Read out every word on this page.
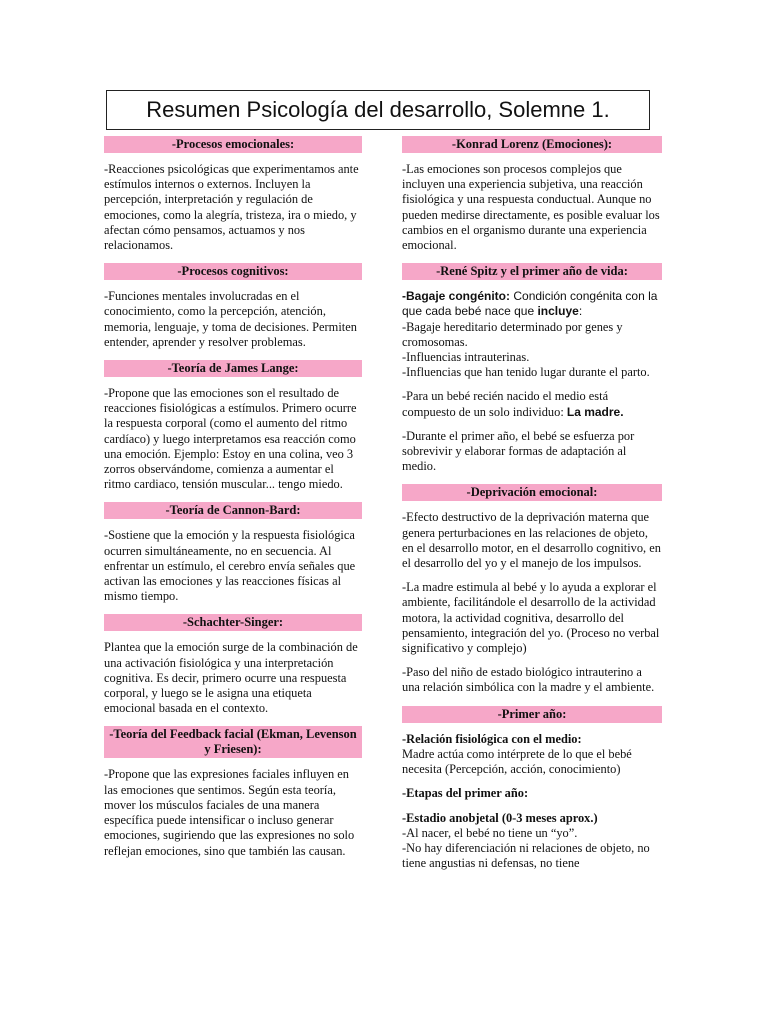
Resumen Psicología del desarrollo, Solemne 1.
-Procesos emocionales:

-Reacciones psicológicas que experimentamos ante estímulos internos o externos. Incluyen la percepción, interpretación y regulación de emociones, como la alegría, tristeza, ira o miedo, y afectan cómo pensamos, actuamos y nos relacionamos.

-Procesos cognitivos:

-Funciones mentales involucradas en el conocimiento, como la percepción, atención, memoria, lenguaje, y toma de decisiones. Permiten entender, aprender y resolver problemas.

-Teoría de James Lange:

-Propone que las emociones son el resultado de reacciones fisiológicas a estímulos. Primero ocurre la respuesta corporal (como el aumento del ritmo cardíaco) y luego interpretamos esa reacción como una emoción. Ejemplo: Estoy en una colina, veo 3 zorros observándome, comienza a aumentar el ritmo cardiaco, tensión muscular... tengo miedo.

-Teoría de Cannon-Bard:

-Sostiene que la emoción y la respuesta fisiológica ocurren simultáneamente, no en secuencia. Al enfrentar un estímulo, el cerebro envía señales que activan las emociones y las reacciones físicas al mismo tiempo.

-Schachter-Singer:

Plantea que la emoción surge de la combinación de una activación fisiológica y una interpretación cognitiva. Es decir, primero ocurre una respuesta corporal, y luego se le asigna una etiqueta emocional basada en el contexto.

-Teoría del Feedback facial (Ekman, Levenson y Friesen):

-Propone que las expresiones faciales influyen en las emociones que sentimos. Según esta teoría, mover los músculos faciales de una manera específica puede intensificar o incluso generar emociones, sugiriendo que las expresiones no solo reflejan emociones, sino que también las causan.

-Konrad Lorenz (Emociones):

-Las emociones son procesos complejos que incluyen una experiencia subjetiva, una reacción fisiológica y una respuesta conductual. Aunque no pueden medirse directamente, es posible evaluar los cambios en el organismo durante una experiencia emocional.

-René Spitz y el primer año de vida:

-Bagaje congénito: Condición congénita con la que cada bebé nace que incluye:

-Bagaje hereditario determinado por genes y cromosomas.
-Influencias intrauterinas.
-Influencias que han tenido lugar durante el parto.

-Para un bebé recién nacido el medio está compuesto de un solo individuo: La madre.

-Durante el primer año, el bebé se esfuerza por sobrevivir y elaborar formas de adaptación al medio.

-Deprivación emocional:

-Efecto destructivo de la deprivación materna que genera perturbaciones en las relaciones de objeto, en el desarrollo motor, en el desarrollo cognitivo, en el desarrollo del yo y el manejo de los impulsos.

-La madre estimula al bebé y lo ayuda a explorar el ambiente, facilitándole el desarrollo de la actividad motora, la actividad cognitiva, desarrollo del pensamiento, integración del yo. (Proceso no verbal significativo y complejo)

-Paso del niño de estado biológico intrauterino a una relación simbólica con la madre y el ambiente.

-Primer año:

-Relación fisiológica con el medio:

Madre actúa como intérprete de lo que el bebé necesita (Percepción, acción, conocimiento)

-Etapas del primer año:

-Estadio anobjetal (0-3 meses aprox.)

-Al nacer, el bebé no tiene un “yo”.
-No hay diferenciación ni relaciones de objeto, no tiene angustias ni defensas, no tiene
